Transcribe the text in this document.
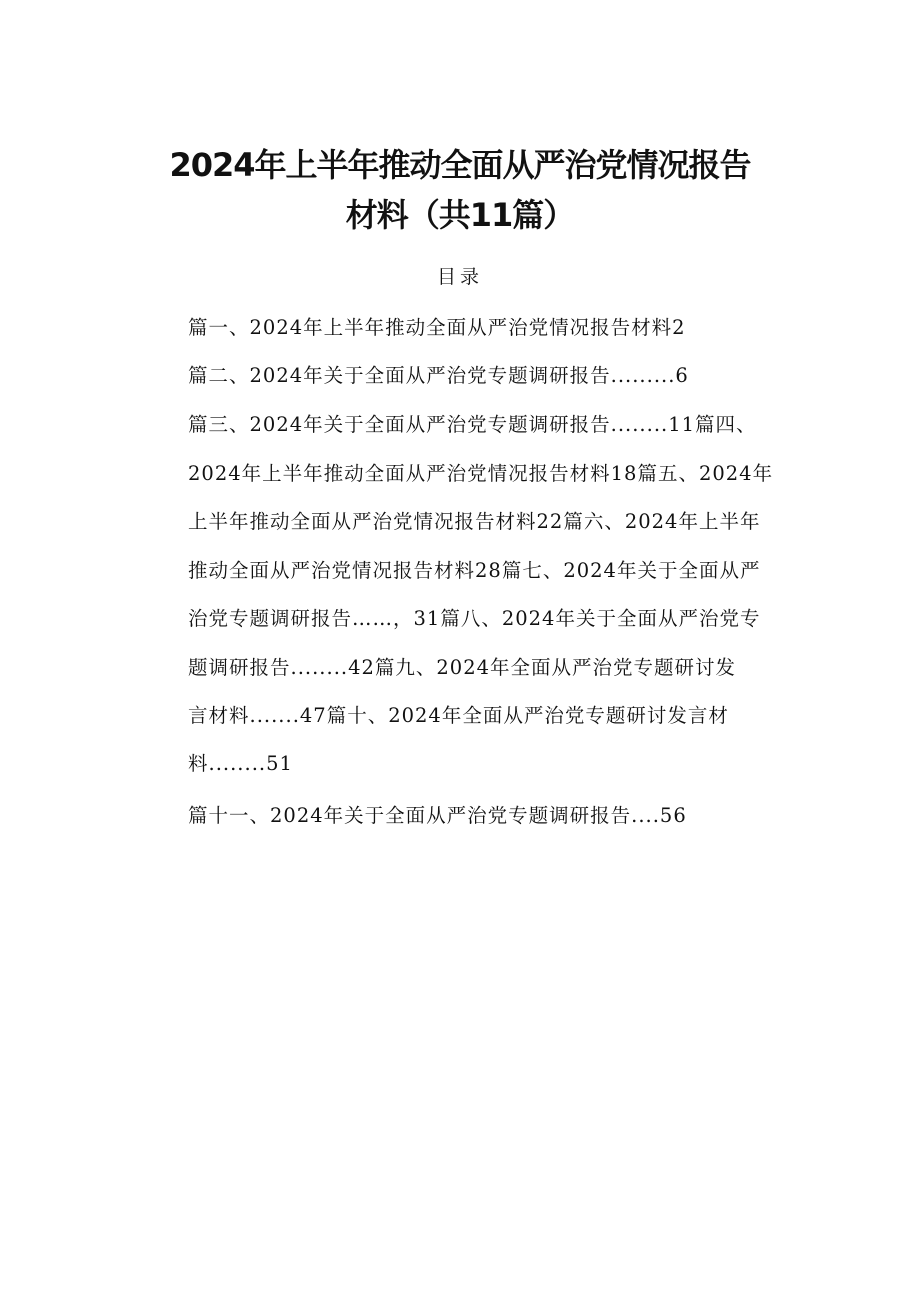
2024年上半年推动全面从严治党情况报告
材料（共11篇）
目录
篇一、2024年上半年推动全面从严治党情况报告材料2
篇二、2024年关于全面从严治党专题调研报告.........6
篇三、2024年关于全面从严治党专题调研报告........11篇四、
2024年上半年推动全面从严治党情况报告材料18篇五、2024年
上半年推动全面从严治党情况报告材料22篇六、2024年上半年
推动全面从严治党情况报告材料28篇七、2024年关于全面从严
治党专题调研报告……，31篇八、2024年关于全面从严治党专
题调研报告........42篇九、2024年全面从严治党专题研讨发
言材料.......47篇十、2024年全面从严治党专题研讨发言材
料........51
篇十一、2024年关于全面从严治党专题调研报告....56
